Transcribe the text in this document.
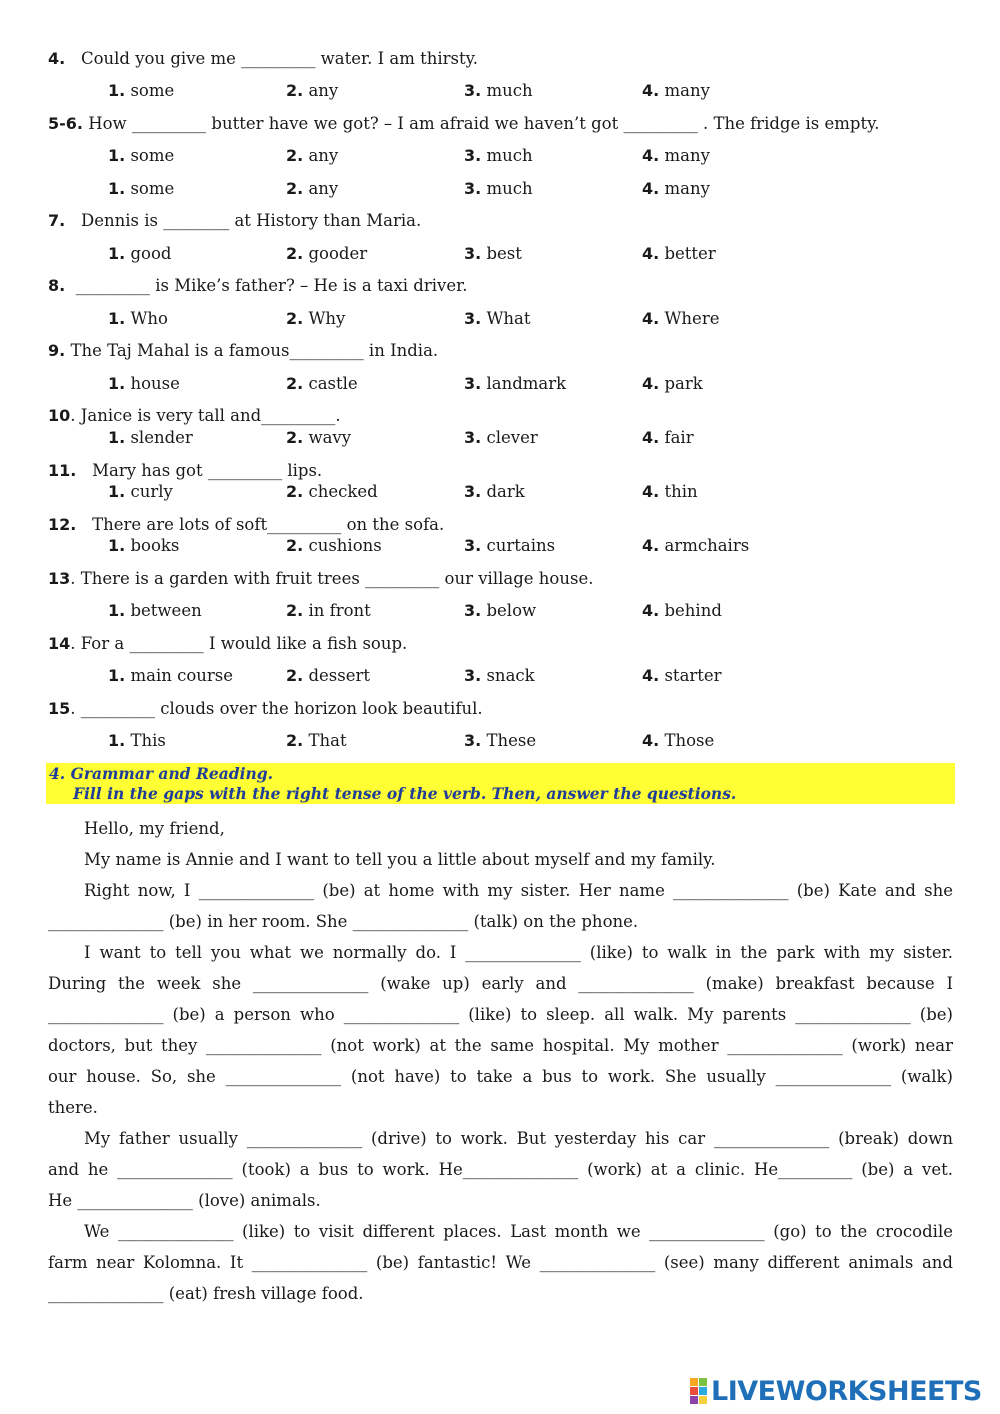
4. Could you give me _________ water. I am thirsty.
1. some	2. any	3. much	4. many
5-6. How _________ butter have we got? – I am afraid we haven’t got _________ . The fridge is empty.
1. some	2. any	3. much	4. many
1. some	2. any	3. much	4. many
7. Dennis is ________ at History than Maria.
1. good	2. gooder	3. best	4. better
8. _________ is Mike’s father? – He is a taxi driver.
1. Who	2. Why	3. What	4. Where
9. The Taj Mahal is a famous_________ in India.
1. house	2. castle	3. landmark	4. park
10. Janice is very tall and_________.
1. slender	2. wavy	3. clever	4. fair
11. Mary has got _________ lips.
1. curly	2. checked	3. dark	4. thin
12. There are lots of soft_________ on the sofa.
1. books	2. cushions	3. curtains	4. armchairs
13. There is a garden with fruit trees _________ our village house.
1. between	2. in front	3. below	4. behind
14. For a _________ I would like a fish soup.
1. main course	2. dessert	3. snack	4. starter
15. _________ clouds over the horizon look beautiful.
1. This	2. That	3. These	4. Those
4. Grammar and Reading.
Fill in the gaps with the right tense of the verb. Then, answer the questions.
Hello, my friend,
My name is Annie and I want to tell you a little about myself and my family.
Right now, I ______________ (be) at home with my sister. Her name ______________ (be) Kate and she
______________ (be) in her room. She ______________ (talk) on the phone.
I want to tell you what we normally do. I ______________ (like) to walk in the park with my sister.
During the week she ______________ (wake up) early and ______________ (make) breakfast because I
______________ (be) a person who ______________ (like) to sleep. all walk. My parents ______________ (be)
doctors, but they ______________ (not work) at the same hospital. My mother ______________ (work) near
our house. So, she ______________ (not have) to take a bus to work. She usually ______________ (walk)
there.
My father usually ______________ (drive) to work. But yesterday his car ______________ (break) down
and he ______________ (took) a bus to work. He______________ (work) at a clinic. He_________ (be) a vet.
He ______________ (love) animals.
We ______________ (like) to visit different places. Last month we ______________ (go) to the crocodile
farm near Kolomna. It ______________ (be) fantastic! We ______________ (see) many different animals and
______________ (eat) fresh village food.
LIVEWORKSHEETS
